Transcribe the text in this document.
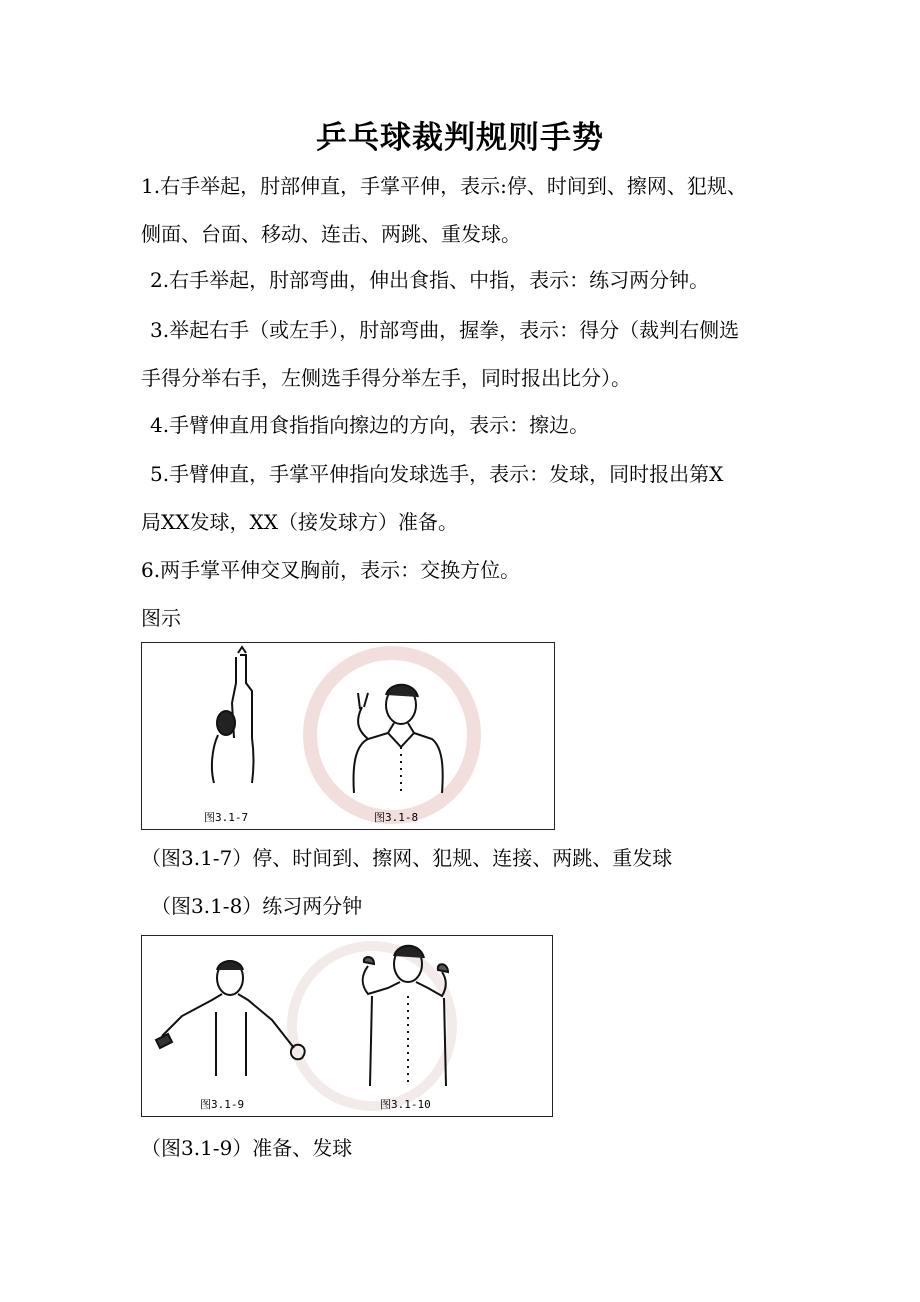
乒乓球裁判规则手势
1.右手举起，肘部伸直，手掌平伸，表示:停、时间到、擦网、犯规、
侧面、台面、移动、连击、两跳、重发球。
2.右手举起，肘部弯曲，伸出食指、中指，表示：练习两分钟。
3.举起右手（或左手），肘部弯曲，握拳，表示：得分（裁判右侧选
手得分举右手，左侧选手得分举左手，同时报出比分）。
4.手臂伸直用食指指向擦边的方向，表示：擦边。
5.手臂伸直，手掌平伸指向发球选手，表示：发球，同时报出第X
局XX发球，XX（接发球方）准备。
6.两手掌平伸交叉胸前，表示：交换方位。
图示
图3.1-7	图3.1-8
（图3.1-7）停、时间到、擦网、犯规、连接、两跳、重发球
（图3.1-8）练习两分钟
图3.1-9	图3.1-10
（图3.1-9）准备、发球
